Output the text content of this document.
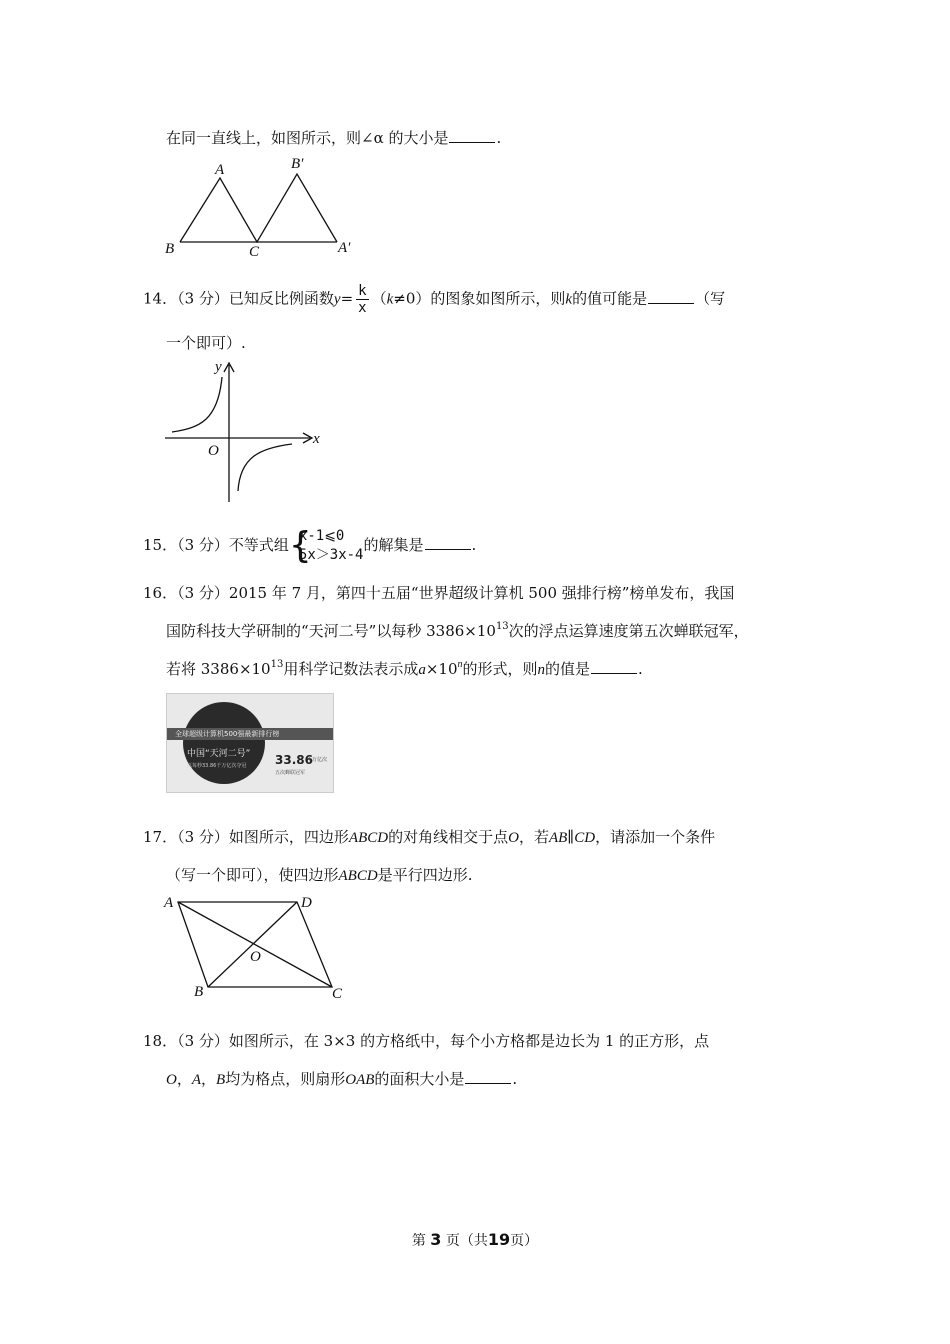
在同一直线上，如图所示，则∠α 的大小是	.
A
B	C
B′
A′
14．（3 分）已知反比例函数$y= \frac{k}{x} (k\ne 0)$的图象如图所示，则k的值可能是	（写
一个即可）.
y
x
O
15．（3 分）不等式组 {
x-1⩽0
5x＞3x-4
的解集是	.
16．（3 分）2015 年 7 月，第四十五届“世界超级计算机 500 强排行榜”榜单发布，我国
国防科技大学研制的“天河二号”以每秒 $3386\times 10^{13}$次的浮点运算速度第五次蝉联冠军，
若将 $3386\times 10^{13}$用科学记数法表示成$a\times 10^n$的形式，则n的值是	.
全球超级计算机500强最新排行榜
中国“天河二号”
以每秒33.86千万亿次夺冠 33.86
千万亿次
五次蝉联冠军
17．（3 分）如图所示，四边形ABCD的对角线相交于点O，若AB∥CD，请添加一个条件
（写一个即可），使四边形ABCD是平行四边形.
A	D
B	C
O
18．（3 分）如图所示，在 3×3 的方格纸中，每个小方格都是边长为 1 的正方形，点
O，A，B均为格点，则扇形OAB的面积大小是	.
第 3 页（共19页）
